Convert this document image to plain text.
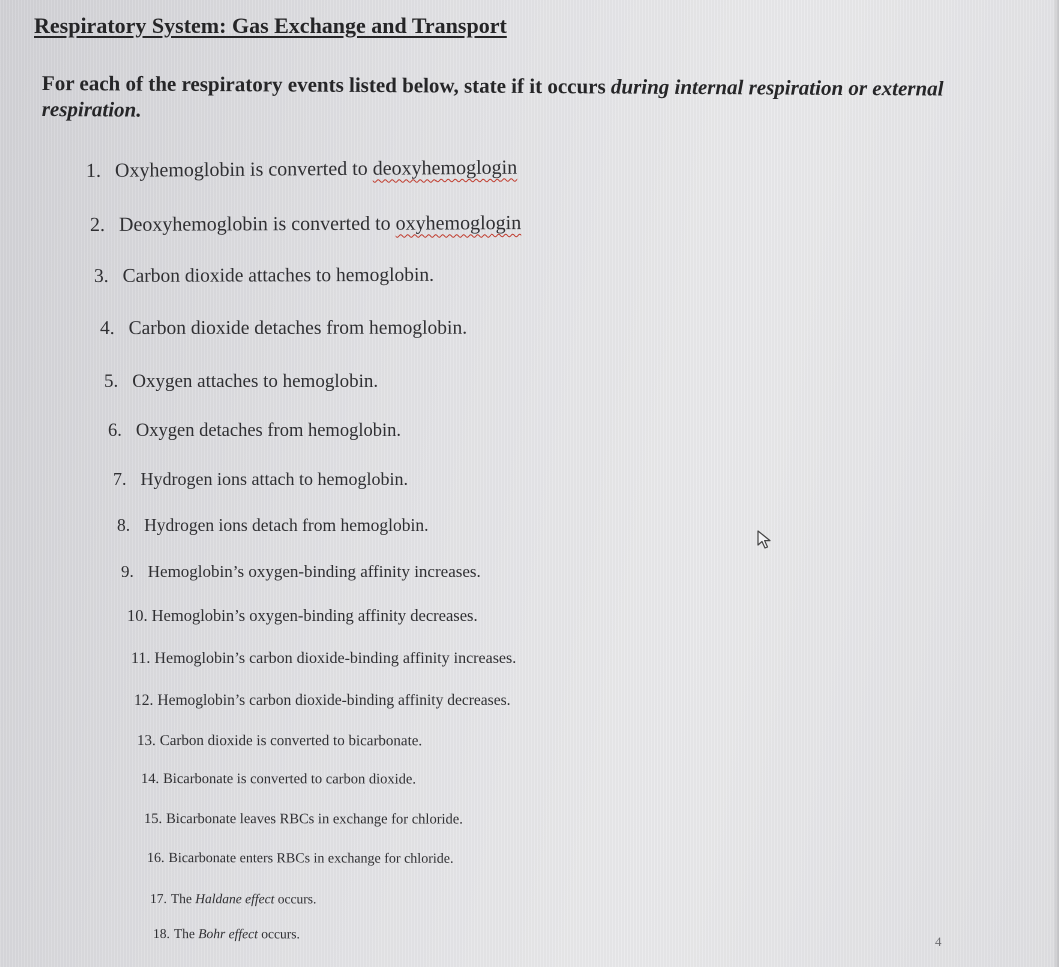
Respiratory System: Gas Exchange and Transport
For each of the respiratory events listed below, state if it occurs during internal respiration or external respiration.
1. Oxyhemoglobin is converted to deoxyhemoglogin
2. Deoxyhemoglobin is converted to oxyhemoglogin
3. Carbon dioxide attaches to hemoglobin.
4. Carbon dioxide detaches from hemoglobin.
5. Oxygen attaches to hemoglobin.
6. Oxygen detaches from hemoglobin.
7. Hydrogen ions attach to hemoglobin.
8. Hydrogen ions detach from hemoglobin.
9. Hemoglobin’s oxygen-binding affinity increases.
10. Hemoglobin’s oxygen-binding affinity decreases.
11. Hemoglobin’s carbon dioxide-binding affinity increases.
12. Hemoglobin’s carbon dioxide-binding affinity decreases.
13. Carbon dioxide is converted to bicarbonate.
14. Bicarbonate is converted to carbon dioxide.
15. Bicarbonate leaves RBCs in exchange for chloride.
16. Bicarbonate enters RBCs in exchange for chloride.
17. The Haldane effect occurs.
18. The Bohr effect occurs.
4
